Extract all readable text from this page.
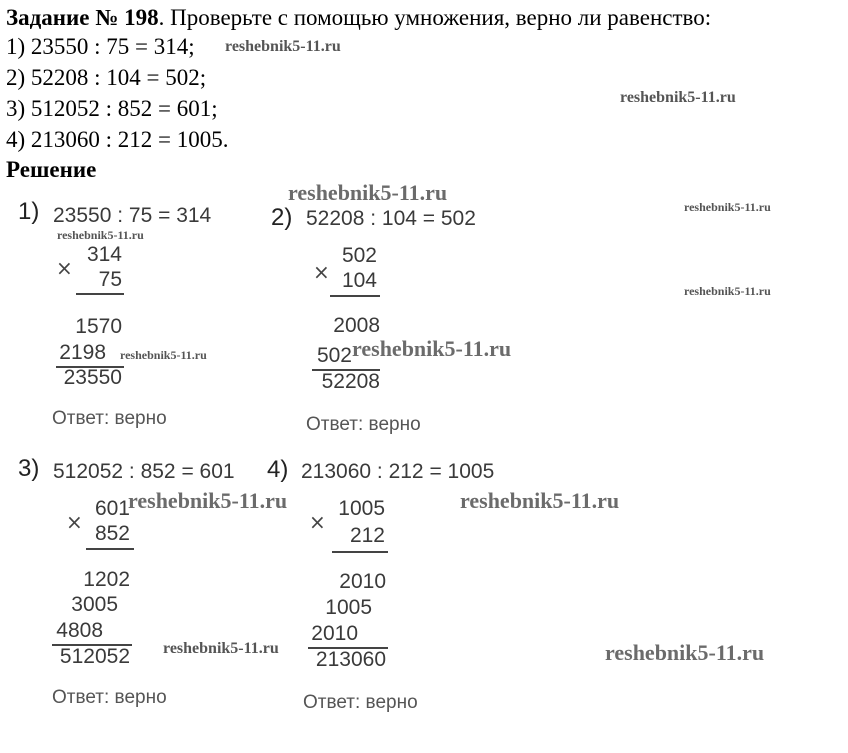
Задание № 198. Проверьте с помощью умножения, верно ли равенство:
1) 23550 : 75 = 314;
2) 52208 : 104 = 502;
3) 512052 : 852 = 601;
4) 213060 : 212 = 1005.
Решение
reshebnik5-11.ru
reshebnik5-11.ru
reshebnik5-11.ru
reshebnik5-11.ru
reshebnik5-11.ru
reshebnik5-11.ru
reshebnik5-11.ru	reshebnik5-11.ru
reshebnik5-11.ru	reshebnik5-11.ru
reshebnik5-11.ru	reshebnik5-11.ru
1) 23550 : 75 = 314
×
314
75
1570
2198
23550
Ответ: верно
2) 52208 : 104 = 502
×
502
104
2008
502
52208
Ответ: верно
3) 512052 : 852 = 601
×
601
852
1202
3005
4808
512052
Ответ: верно
4) 213060 : 212 = 1005
×
1005
212
2010
1005
2010
213060
Ответ: верно
